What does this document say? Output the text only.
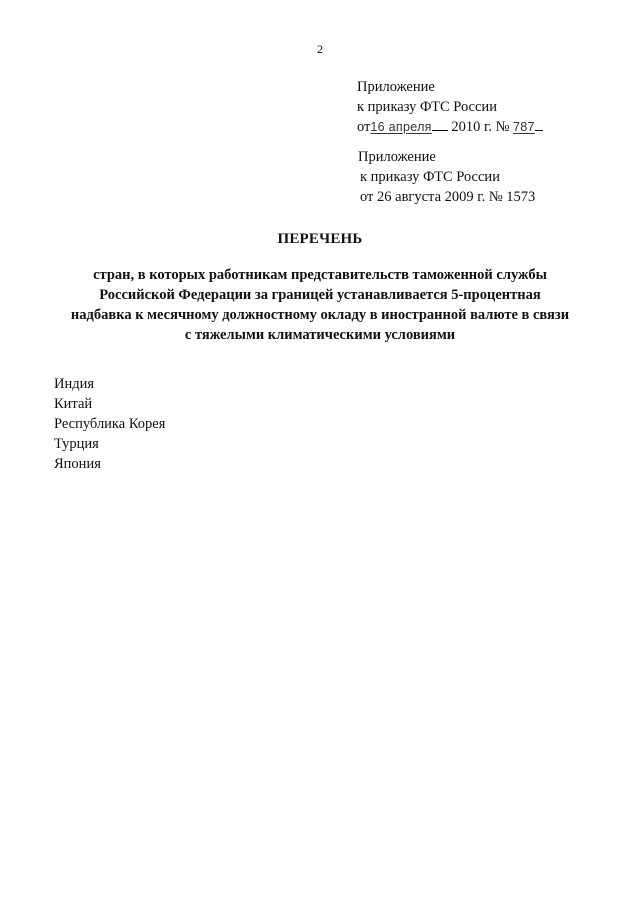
2
Приложение
к приказу ФТС России
от16 апреля 2010 г. № 787
Приложение
к приказу ФТС России
от 26 августа 2009 г. № 1573
ПЕРЕЧЕНЬ
стран, в которых работникам представительств таможенной службы
Российской Федерации за границей устанавливается 5-процентная
надбавка к месячному должностному окладу в иностранной валюте в связи
с тяжелыми климатическими условиями
Индия
Китай
Республика Корея
Турция
Япония
